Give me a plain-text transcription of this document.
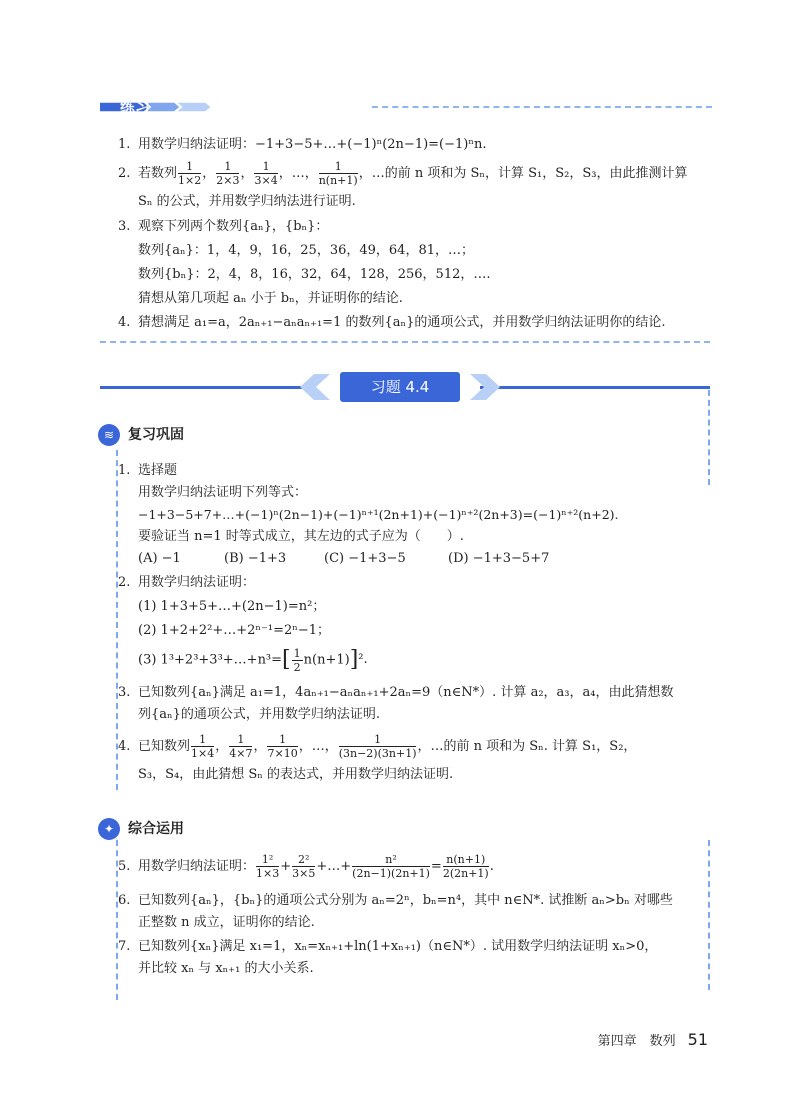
练习
1. 用数学归纳法证明：−1+3−5+…+(−1)ⁿ(2n−1)=(−1)ⁿn.
2. 若数列 $\frac{1}{1\times 2}$ ， $\frac{1}{2\times 3}$ ， $\frac{1}{3\times 4}$ ，…， $\frac{1}{n(n+1)}$ ，…的前 n 项和为 Sₙ，计算 S₁，S₂，S₃，由此推测计算
Sₙ 的公式，并用数学归纳法进行证明.
3. 观察下列两个数列{aₙ}，{bₙ}：
数列{aₙ}：1，4，9，16，25，36，49，64，81，…；
数列{bₙ}：2，4，8，16，32，64，128，256，512，….
猜想从第几项起 aₙ 小于 bₙ，并证明你的结论.
4. 猜想满足 a₁=a，2aₙ₊₁−aₙaₙ₊₁=1 的数列{aₙ}的通项公式，并用数学归纳法证明你的结论.
习题 4.4
≋ 复习巩固
1. 选择题
用数学归纳法证明下列等式：
−1+3−5+7+…+(−1)ⁿ(2n−1)+(−1)ⁿ⁺¹(2n+1)+(−1)ⁿ⁺²(2n+3)=(−1)ⁿ⁺²(n+2).
要验证当 n=1 时等式成立，其左边的式子应为（　　）.
(A) −1	(B) −1+3	(C) −1+3−5	(D) −1+3−5+7
2. 用数学归纳法证明：
(1) 1+3+5+…+(2n−1)=n²；
(2) 1+2+2²+…+2ⁿ⁻¹=2ⁿ−1；
(3) 1³+2³+3³+…+n³=[ $\frac{1}{2} n(n+1)]^2$.
3. 已知数列{aₙ}满足 a₁=1，4aₙ₊₁−aₙaₙ₊₁+2aₙ=9（n∈N*）. 计算 a₂，a₃，a₄，由此猜想数
列{aₙ}的通项公式，并用数学归纳法证明.
4. 已知数列 $\frac{1}{1\times 4}$ ， $\frac{1}{4\times 7}$ ， $\frac{1}{7\times 10}$ ，…， $\frac{1}{(3n-2)(3n+1)}$ ，…的前 n 项和为 Sₙ. 计算 S₁，S₂，
S₃，S₄，由此猜想 Sₙ 的表达式，并用数学归纳法证明.
✦ 综合运用
5. 用数学归纳法证明： $\frac{\text{1²}}{1\times 3} + \frac{\text{2²}}{3\times 5}$ +…+ $\frac{\text{n²}}{(2n-1)(2n+1)} = \frac{n(n+1)}{2(2n+1)}$ .
6. 已知数列{aₙ}，{bₙ}的通项公式分别为 aₙ=2ⁿ，bₙ=n⁴，其中 n∈N*. 试推断 aₙ>bₙ 对哪些
正整数 n 成立，证明你的结论.
7. 已知数列{xₙ}满足 x₁=1，xₙ=xₙ₊₁+ln(1+xₙ₊₁)（n∈N*）. 试用数学归纳法证明 xₙ>0，
并比较 xₙ 与 xₙ₊₁ 的大小关系.
第四章　数列 51
